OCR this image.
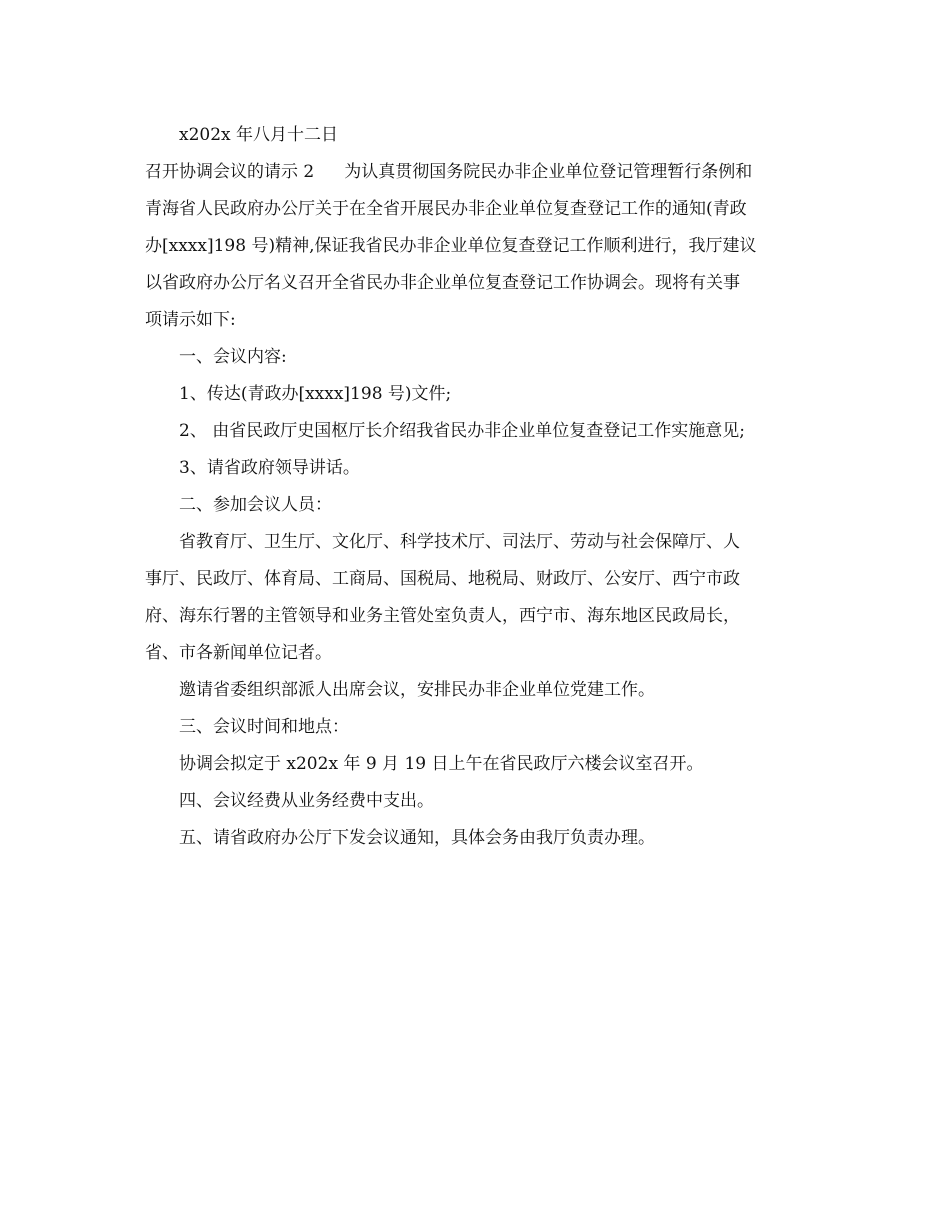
x202x 年八月十二日
召开协调会议的请示 2 为认真贯彻国务院民办非企业单位登记管理暂行条例和
青海省人民政府办公厅关于在全省开展民办非企业单位复查登记工作的通知(青政
办[xxxx]198 号)精神,保证我省民办非企业单位复查登记工作顺利进行，我厅建议
以省政府办公厅名义召开全省民办非企业单位复查登记工作协调会。现将有关事
项请示如下:
一、会议内容:
1、传达(青政办[xxxx]198 号)文件;
2、 由省民政厅史国枢厅长介绍我省民办非企业单位复查登记工作实施意见;
3、请省政府领导讲话。
二、参加会议人员：
省教育厅、卫生厅、文化厅、科学技术厅、司法厅、劳动与社会保障厅、人
事厅、民政厅、体育局、工商局、国税局、地税局、财政厅、公安厅、西宁市政
府、海东行署的主管领导和业务主管处室负责人，西宁市、海东地区民政局长，
省、市各新闻单位记者。
邀请省委组织部派人出席会议，安排民办非企业单位党建工作。
三、会议时间和地点：
协调会拟定于 x202x 年 9 月 19 日上午在省民政厅六楼会议室召开。
四、会议经费从业务经费中支出。
五、请省政府办公厅下发会议通知，具体会务由我厅负责办理。
